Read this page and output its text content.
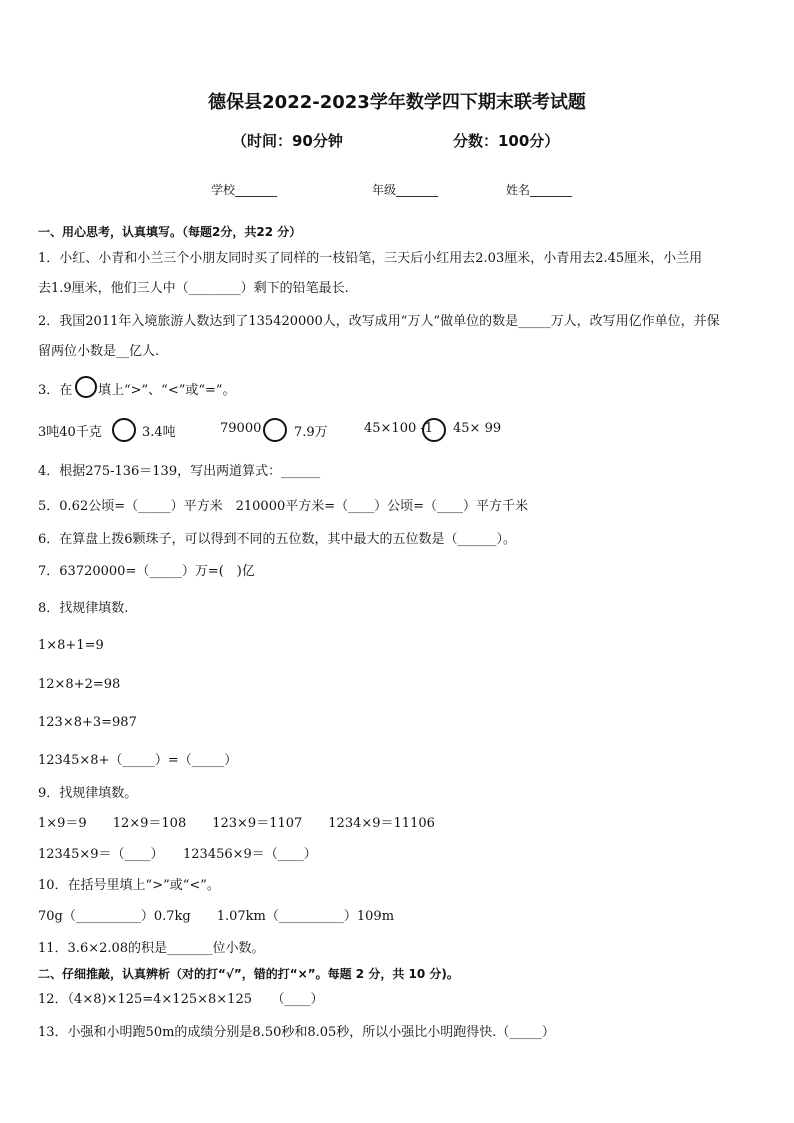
德保县2022-2023学年数学四下期末联考试题
（时间：90分钟	分数：100分）
学校_______	年级_______	姓名_______
一、用心思考，认真填写。（每题2分，共22 分）
1．小红、小青和小兰三个小朋友同时买了同样的一枝铅笔，三天后小红用去2.03厘米，小青用去2.45厘米，小兰用
去1.9厘米，他们三人中（________）剩下的铅笔最长.
2．我国2011年入境旅游人数达到了135420000人，改写成用“万人”做单位的数是_____万人，改写用亿作单位，并保
留两位小数是__亿人.
3．在 填上“>”、“<”或“=”。
3吨40千克	3.4吨	79000	7.9万	45×100 -1 45× 99
4．根据275-136＝139，写出两道算式：______
5．0.62公顷=（_____）平方米　210000平方米=（____）公顷=（____）平方千米
6．在算盘上拨6颗珠子，可以得到不同的五位数，其中最大的五位数是（______）。
7．63720000=（_____）万=(　)亿
8．找规律填数.
1×8+1=9
12×8+2=98
123×8+3=987
12345×8+（_____）=（_____）
9．找规律填数。
1×9＝9　　12×9＝108　　123×9＝1107　　1234×9＝11106
12345×9＝（____）　　123456×9＝（____）
10．在括号里填上“>”或“<”。
70g（__________）0.7kg　　1.07km（__________）109m
11．3.6×2.08的积是_______位小数。
二、仔细推敲，认真辨析（对的打“√”，错的打“×”。每题 2 分，共 10 分)。
12．（4×8)×125=4×125×8×125　　（____）
13．小强和小明跑50m的成绩分别是8.50秒和8.05秒，所以小强比小明跑得快.（_____）
